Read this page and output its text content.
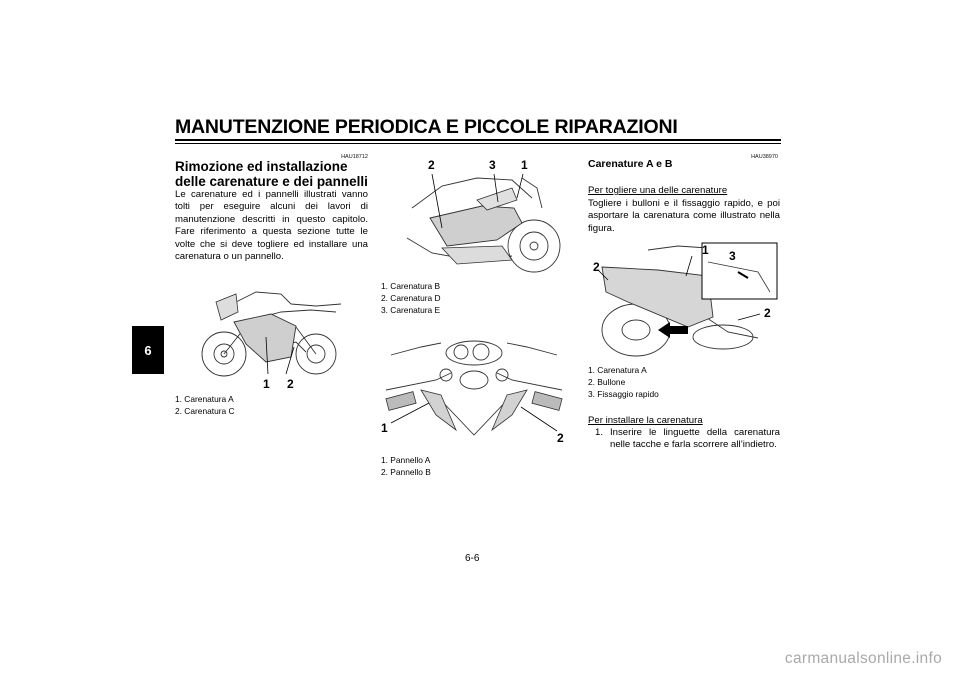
MANUTENZIONE PERIODICA E PICCOLE RIPARAZIONI
6
HAU18712
Rimozione ed installazione delle carenature e dei pannelli
Le carenature ed i pannelli illustrati vanno tolti per eseguire alcuni dei lavori di manutenzione descritti in questo capitolo. Fare riferimento a questa sezione tutte le volte che si deve togliere ed installare una carenatura o un pannello.
1 2
1. Carenatura A
2. Carenatura C
2	3 1
1. Carenatura B
2. Carenatura D
3. Carenatura E
1
2
1. Pannello A
2. Pannello B
HAU38970
Carenature A e B
Per togliere una delle carenature
Togliere i bulloni e il fissaggio rapido, e poi asportare la carenatura come illustrato nella figura.
2
1 3
2
1. Carenatura A
2. Bullone
3. Fissaggio rapido
Per installare la carenatura
1. Inserire le linguette della carenatura nelle tacche e farla scorrere all’indietro.
6-6
carmanualsonline.info
